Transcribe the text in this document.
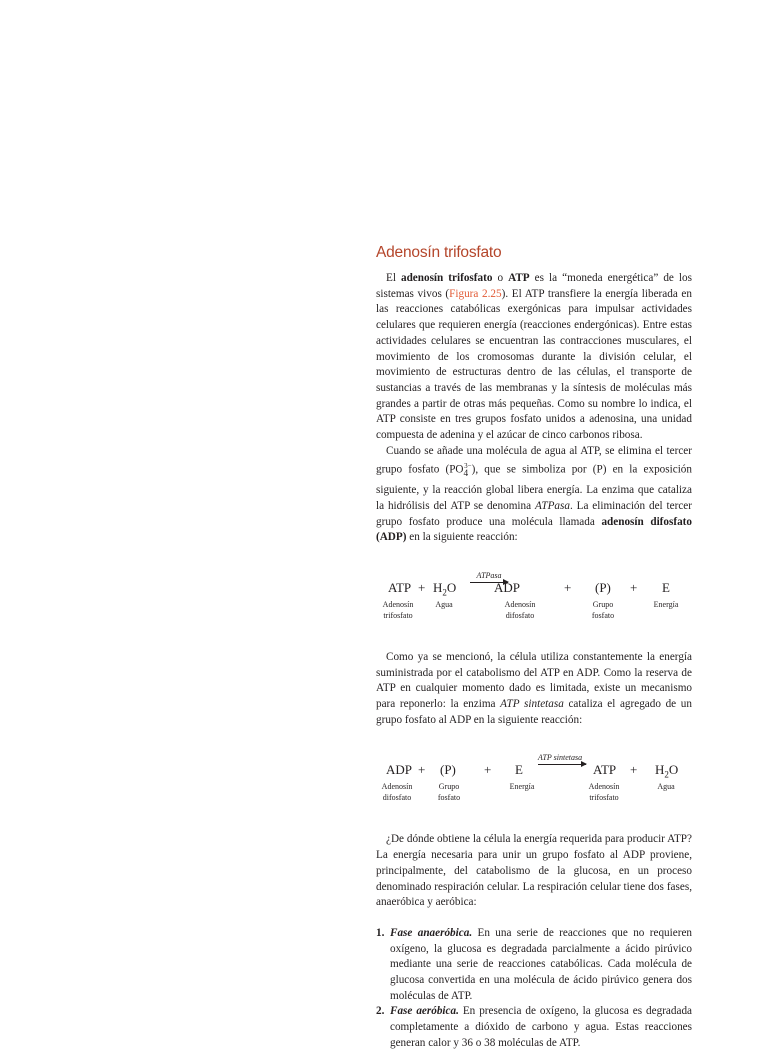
Adenosín trifosfato

El adenosín trifosfato o ATP es la “moneda energética” de los sistemas vivos (Figura 2.25). El ATP transfiere la energía liberada en las reacciones catabólicas exergónicas para impulsar actividades celulares que requieren energía (reacciones endergónicas). Entre estas actividades celulares se encuentran las contracciones musculares, el movimiento de los cromosomas durante la división celular, el movimiento de estructuras dentro de las células, el transporte de sustancias a través de las membranas y la síntesis de moléculas más grandes a partir de otras más pequeñas. Como su nombre lo indica, el ATP consiste en tres grupos fosfato unidos a adenosina, una unidad compuesta de adenina y el azúcar de cinco carbonos ribosa.

Cuando se añade una molécula de agua al ATP, se elimina el tercer grupo fosfato $(PO_4^{3-})$, que se simboliza por (P) en la exposición siguiente, y la reacción global libera energía. La enzima que cataliza la hidrólisis del ATP se denomina ATPasa. La eliminación del tercer grupo fosfato produce una molécula llamada adenosín difosfato (ADP) en la siguiente reacción:

ATP + $H_2O$
ATPasa
ADP	+ (P) + E
Adenosín
trifosfato
Agua	Adenosín
difosfato
Grupo
fosfato
Energía

Como ya se mencionó, la célula utiliza constantemente la energía suministrada por el catabolismo del ATP en ADP. Como la reserva de ATP en cualquier momento dado es limitada, existe un mecanismo para reponerlo: la enzima ATP sintetasa cataliza el agregado de un grupo fosfato al ADP en la siguiente reacción:

ADP + (P) + E
ATP sintetasa
→ ATP + $H_2O$
Adenosín
difosfato
Grupo
fosfato
Energía	Adenosín
trifosfato
Agua

¿De dónde obtiene la célula la energía requerida para producir ATP? La energía necesaria para unir un grupo fosfato al ADP proviene, principalmente, del catabolismo de la glucosa, en un proceso denominado respiración celular. La respiración celular tiene dos fases, anaeróbica y aeróbica:

1. Fase anaeróbica. En una serie de reacciones que no requieren oxígeno, la glucosa es degradada parcialmente a ácido pirúvico mediante una serie de reacciones catabólicas. Cada molécula de glucosa convertida en una molécula de ácido pirúvico genera dos moléculas de ATP.
2. Fase aeróbica. En presencia de oxígeno, la glucosa es degradada completamente a dióxido de carbono y agua. Estas reacciones generan calor y 36 o 38 moléculas de ATP.
